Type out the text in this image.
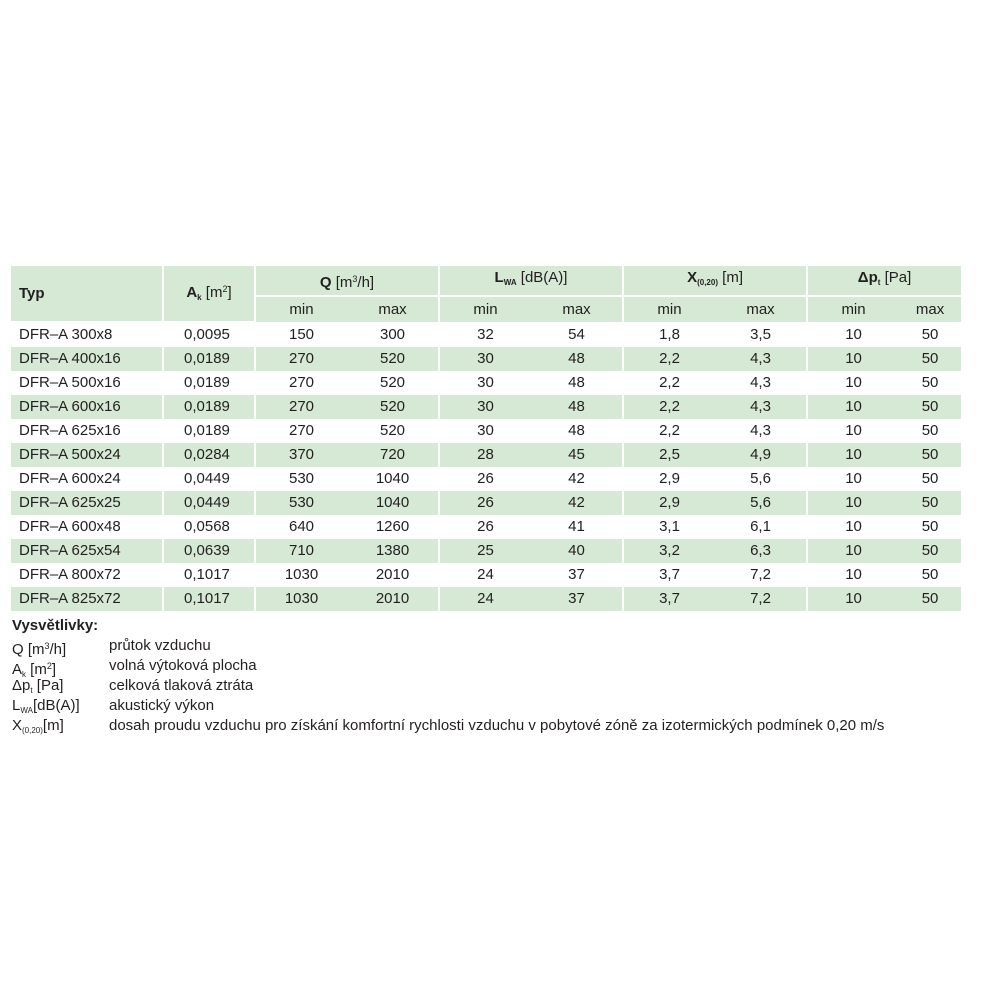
Typ	$A_k$ $[m^2]$	Q $[m^3/h]$		$L_{WA}$ [dB(A)]		$X_{(0,20)}$ [m]		$\Delta p_t$ [Pa]	
		min	max	min	max	min	max	min	max
DFR–A 300x8	0,0095	150	300	32	54	1,8	3,5	10	50
DFR–A 400x16	0,0189	270	520	30	48	2,2	4,3	10	50
DFR–A 500x16	0,0189	270	520	30	48	2,2	4,3	10	50
DFR–A 600x16	0,0189	270	520	30	48	2,2	4,3	10	50
DFR–A 625x16	0,0189	270	520	30	48	2,2	4,3	10	50
DFR–A 500x24	0,0284	370	720	28	45	2,5	4,9	10	50
DFR–A 600x24	0,0449	530	1040	26	42	2,9	5,6	10	50
DFR–A 625x25	0,0449	530	1040	26	42	2,9	5,6	10	50
DFR–A 600x48	0,0568	640	1260	26	41	3,1	6,1	10	50
DFR–A 625x54	0,0639	710	1380	25	40	3,2	6,3	10	50
DFR–A 800x72	0,1017	1030	2010	24	37	3,7	7,2	10	50
DFR–A 825x72	0,1017	1030	2010	24	37	3,7	7,2	10	50
Vysvětlivky:
Q $[m^3/h]$	průtok vzduchu
$A_k$ $[m^2]$	volná výtoková plocha
$\Delta p_t$ [Pa]	celková tlaková ztráta
$L_{WA}[dB(A)]$	akustický výkon
$X_{(0,20)}[m]$	dosah proudu vzduchu pro získání komfortní rychlosti vzduchu v pobytové zóně za izotermických podmínek 0,20 m/s
